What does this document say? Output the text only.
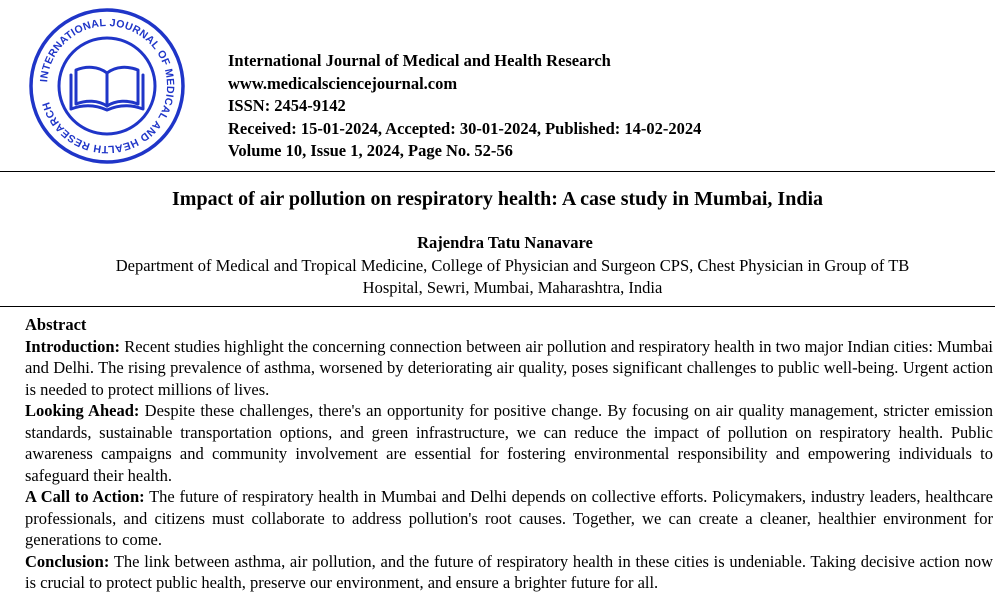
INTERNATIONAL JOURNAL OF MEDICAL AND HEALTH RESEARCH
International Journal of Medical and Health Research
www.medicalsciencejournal.com
ISSN: 2454-9142
Received: 15-01-2024, Accepted: 30-01-2024, Published: 14-02-2024
Volume 10, Issue 1, 2024, Page No. 52-56
Impact of air pollution on respiratory health: A case study in Mumbai, India
Rajendra Tatu Nanavare
Department of Medical and Tropical Medicine, College of Physician and Surgeon CPS, Chest Physician in Group of TB
Hospital, Sewri, Mumbai, Maharashtra, India
Abstract

Introduction: Recent studies highlight the concerning connection between air pollution and respiratory health in two major Indian cities: Mumbai and Delhi. The rising prevalence of asthma, worsened by deteriorating air quality, poses significant challenges to public well-being. Urgent action is needed to protect millions of lives.

Looking Ahead: Despite these challenges, there's an opportunity for positive change. By focusing on air quality management, stricter emission standards, sustainable transportation options, and green infrastructure, we can reduce the impact of pollution on respiratory health. Public awareness campaigns and community involvement are essential for fostering environmental responsibility and empowering individuals to safeguard their health.

A Call to Action: The future of respiratory health in Mumbai and Delhi depends on collective efforts. Policymakers, industry leaders, healthcare professionals, and citizens must collaborate to address pollution's root causes. Together, we can create a cleaner, healthier environment for generations to come.

Conclusion: The link between asthma, air pollution, and the future of respiratory health in these cities is undeniable. Taking decisive action now is crucial to protect public health, preserve our environment, and ensure a brighter future for all.
